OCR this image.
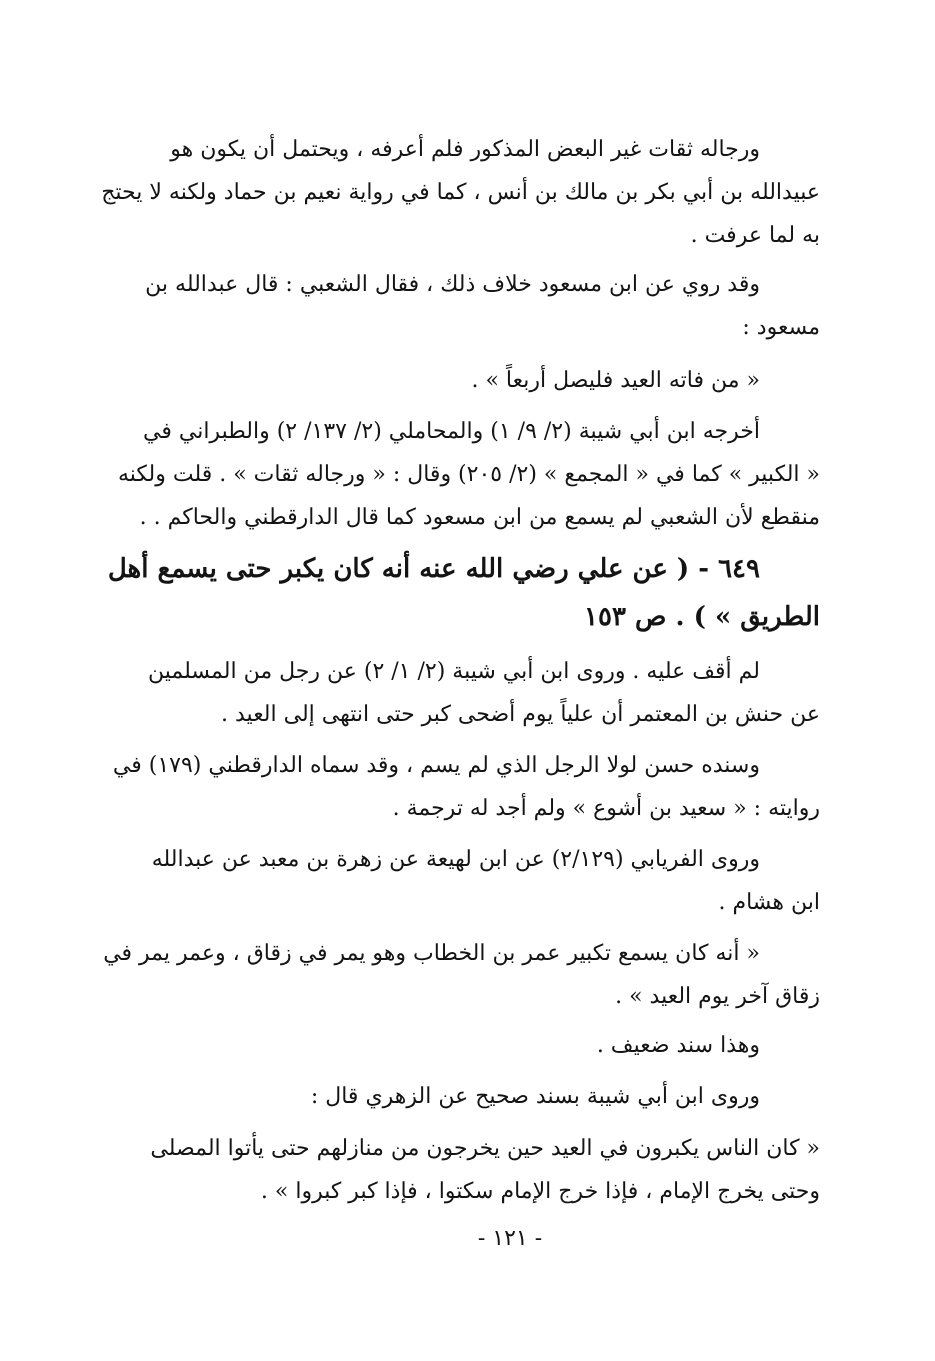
ورجاله ثقات غير البعض المذكور فلم أعرفه ، ويحتمل أن يكون هو
عبيدالله بن أبي بكر بن مالك بن أنس ، كما في رواية نعيم بن حماد ولكنه لا يحتج
به لما عرفت .

وقد روي عن ابن مسعود خلاف ذلك ، فقال الشعبي : قال عبدالله بن
مسعود :

« من فاته العيد فليصل أربعاً » .

أخرجه ابن أبي شيبة (٢/ ٩/ ١) والمحاملي (٢/ ١٣٧/ ٢) والطبراني في
« الكبير » كما في « المجمع » (٢/ ٢٠٥) وقال : « ورجاله ثقات » . قلت ولكنه
منقطع لأن الشعبي لم يسمع من ابن مسعود كما قال الدارقطني والحاكم . .

٦٤٩ - ( عن علي رضي الله عنه أنه كان يكبر حتى يسمع أهل
الطريق » ) . ص ١٥٣

لم أقف عليه . وروى ابن أبي شيبة (٢/ ١/ ٢) عن رجل من المسلمين
عن حنش بن المعتمر أن علياً يوم أضحى كبر حتى انتهى إلى العيد .

وسنده حسن لولا الرجل الذي لم يسم ، وقد سماه الدارقطني (١٧٩) في
روايته : « سعيد بن أشوع » ولم أجد له ترجمة .

وروى الفريابي (٢/١٢٩) عن ابن لهيعة عن زهرة بن معبد عن عبدالله
ابن هشام .

« أنه كان يسمع تكبير عمر بن الخطاب وهو يمر في زقاق ، وعمر يمر في
زقاق آخر يوم العيد » .

وهذا سند ضعيف .

وروى ابن أبي شيبة بسند صحيح عن الزهري قال :

« كان الناس يكبرون في العيد حين يخرجون من منازلهم حتى يأتوا المصلى
وحتى يخرج الإمام ، فإذا خرج الإمام سكتوا ، فإذا كبر كبروا » .

- ١٢١ -
